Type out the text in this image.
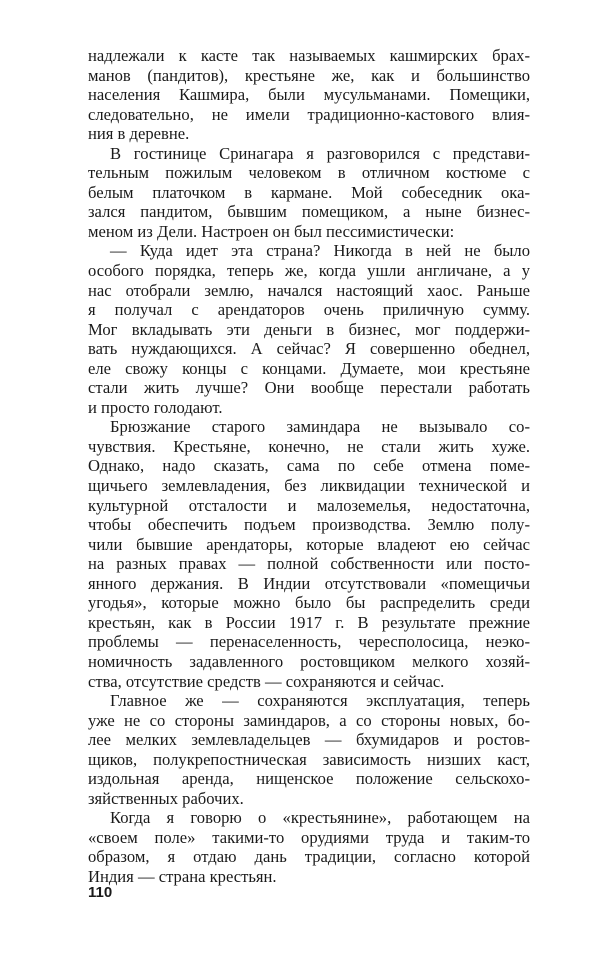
надлежали к касте так называемых кашмирских брах-
манов (пандитов), крестьяне же, как и большинство
населения Кашмира, были мусульманами. Помещики,
следовательно, не имели традиционно-кастового влия-
ния в деревне.
В гостинице Сринагара я разговорился с представи-
тельным пожилым человеком в отличном костюме с
белым платочком в кармане. Мой собеседник ока-
зался пандитом, бывшим помещиком, а ныне бизнес-
меном из Дели. Настроен он был пессимистически:
— Куда идет эта страна? Никогда в ней не было
особого порядка, теперь же, когда ушли англичане, а у
нас отобрали землю, начался настоящий хаос. Раньше
я получал с арендаторов очень приличную сумму.
Мог вкладывать эти деньги в бизнес, мог поддержи-
вать нуждающихся. А сейчас? Я совершенно обеднел,
еле свожу концы с концами. Думаете, мои крестьяне
стали жить лучше? Они вообще перестали работать
и просто голодают.
Брюзжание старого заминдара не вызывало со-
чувствия. Крестьяне, конечно, не стали жить хуже.
Однако, надо сказать, сама по себе отмена поме-
щичьего землевладения, без ликвидации технической и
культурной отсталости и малоземелья, недостаточна,
чтобы обеспечить подъем производства. Землю полу-
чили бывшие арендаторы, которые владеют ею сейчас
на разных правах — полной собственности или посто-
янного держания. В Индии отсутствовали «помещичьи
угодья», которые можно было бы распределить среди
крестьян, как в России 1917 г. В результате прежние
проблемы — перенаселенность, чересполосица, неэко-
номичность задавленного ростовщиком мелкого хозяй-
ства, отсутствие средств — сохраняются и сейчас.
Главное же — сохраняются эксплуатация, теперь
уже не со стороны заминдаров, а со стороны новых, бо-
лее мелких землевладельцев — бхумидаров и ростов-
щиков, полукрепостническая зависимость низших каст,
издольная аренда, нищенское положение сельскохо-
зяйственных рабочих.
Когда я говорю о «крестьянине», работающем на
«своем поле» такими-то орудиями труда и таким-то
образом, я отдаю дань традиции, согласно которой
Индия — страна крестьян.
110
